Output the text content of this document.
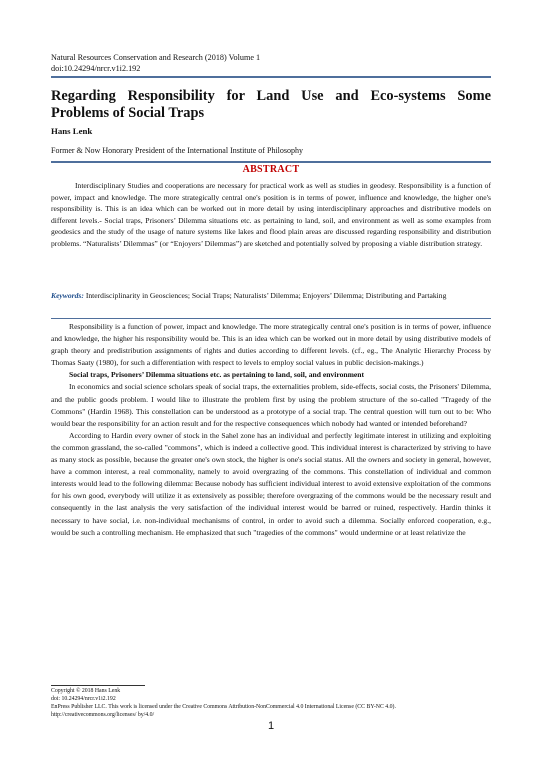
Natural Resources Conservation and Research (2018) Volume 1
doi:10.24294/nrcr.v1i2.192
Regarding Responsibility for Land Use and Eco-systems Some Problems of Social Traps
Hans Lenk
Former & Now Honorary President of the International Institute of Philosophy
ABSTRACT

Interdisciplinary Studies and cooperations are necessary for practical work as well as studies in geodesy. Responsibility is a function of power, impact and knowledge. The more strategically central one's position is in terms of power, influence and knowledge, the higher one's responsibility is. This is an idea which can be worked out in more detail by using interdisciplinary approaches and distributive models on different levels.- Social traps, Prisoners’ Dilemma situations etc. as pertaining to land, soil, and environment as well as some examples from geodesics and the study of the usage of nature systems like lakes and flood plain areas are discussed regarding responsibility and distribution problems. “Naturalists’ Dilemmas” (or “Enjoyers’ Dilemmas”) are sketched and potentially solved by proposing a viable distribution strategy.

Keywords: Interdisciplinarity in Geosciences; Social Traps; Naturalists’ Dilemma; Enjoyers’ Dilemma; Distributing and Partaking

Responsibility is a function of power, impact and knowledge. The more strategically central one's position is in terms of power, influence and knowledge, the higher his responsibility would be. This is an idea which can be worked out in more detail by using distributive models of graph theory and predistribution assignments of rights and duties according to different levels. (cf., eg., The Analytic Hierarchy Process by Thomas Saaty (1980), for such a differentiation with respect to levels to employ social values in public decision-makings.)

Social traps, Prisoners’ Dilemma situations etc. as pertaining to land, soil, and environment

In economics and social science scholars speak of social traps, the externalities problem, side-effects, social costs, the Prisoners' Dilemma, and the public goods problem. I would like to illustrate the problem first by using the problem structure of the so-called "Tragedy of the Commons" (Hardin 1968). This constellation can be understood as a prototype of a social trap. The central question will turn out to be: Who would bear the responsibility for an action result and for the respective consequences which nobody had wanted or intended beforehand?

According to Hardin every owner of stock in the Sahel zone has an individual and perfectly legitimate interest in utilizing and exploiting the common grassland, the so-called "commons", which is indeed a collective good. This individual interest is characterized by striving to have as many stock as possible, because the greater one's own stock, the higher is one's social status. All the owners and society in general, however, have a common interest, a real commonality, namely to avoid overgrazing of the commons. This constellation of individual and common interests would lead to the following dilemma: Because nobody has sufficient individual interest to avoid extensive exploitation of the commons for his own good, everybody will utilize it as extensively as possible; therefore overgrazing of the commons would be the necessary result and consequently in the last analysis the very satisfaction of the individual interest would be barred or ruined, respectively. Hardin thinks it necessary to have social, i.e. non-individual mechanisms of control, in order to avoid such a dilemma. Socially enforced cooperation, e.g., would be such a controlling mechanism. He emphasized that such "tragedies of the commons" would undermine or at least relativize the

Copyright © 2018 Hans Lenk
doi: 10.24294/nrcr.v1i2.192
EnPress Publisher LLC. This work is licensed under the Creative Commons Attribution-NonCommercial 4.0 International License (CC BY-NC 4.0).
http://creativecommons.org/licenses/ by/4.0/
1
